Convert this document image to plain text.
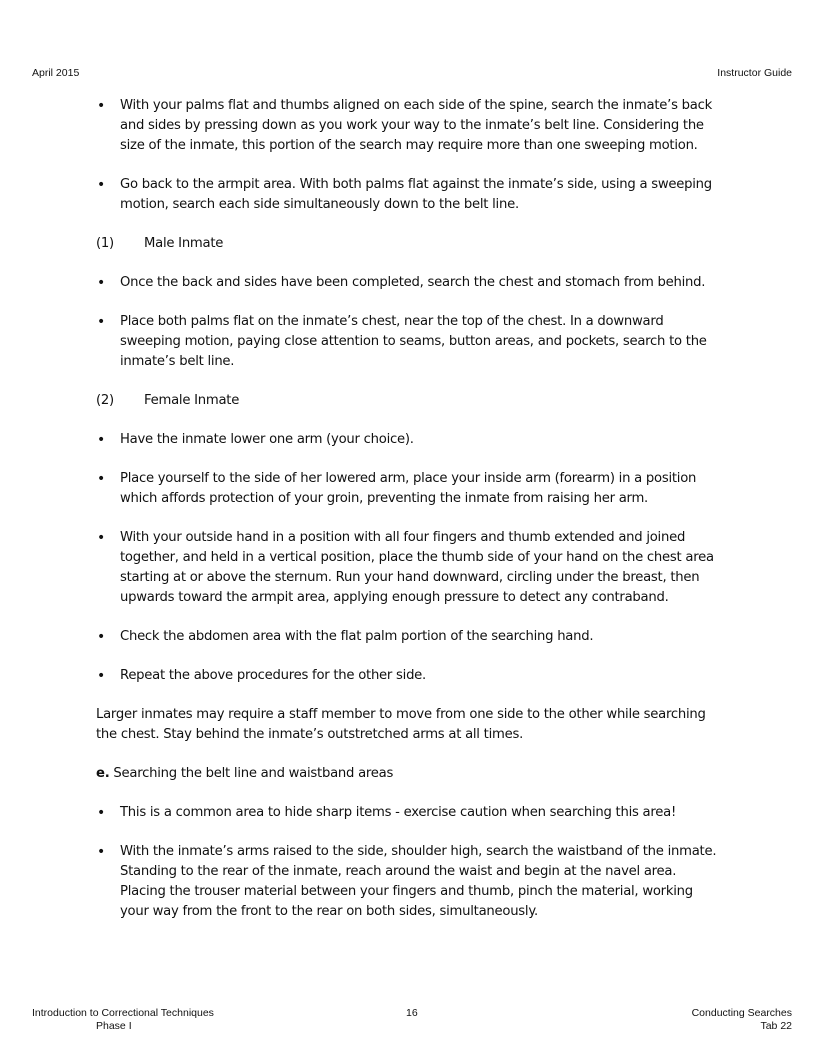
April 2015	Instructor Guide
• With your palms flat and thumbs aligned on each side of the spine, search the inmate’s back and sides by pressing down as you work your way to the inmate’s belt line. Considering the size of the inmate, this portion of the search may require more than one sweeping motion.
• Go back to the armpit area. With both palms flat against the inmate’s side, using a sweeping motion, search each side simultaneously down to the belt line.
(1) Male Inmate
• Once the back and sides have been completed, search the chest and stomach from behind.
• Place both palms flat on the inmate’s chest, near the top of the chest. In a downward sweeping motion, paying close attention to seams, button areas, and pockets, search to the inmate’s belt line.
(2) Female Inmate
• Have the inmate lower one arm (your choice).
• Place yourself to the side of her lowered arm, place your inside arm (forearm) in a position which affords protection of your groin, preventing the inmate from raising her arm.
• With your outside hand in a position with all four fingers and thumb extended and joined together, and held in a vertical position, place the thumb side of your hand on the chest area starting at or above the sternum. Run your hand downward, circling under the breast, then upwards toward the armpit area, applying enough pressure to detect any contraband.
• Check the abdomen area with the flat palm portion of the searching hand.
• Repeat the above procedures for the other side.

Larger inmates may require a staff member to move from one side to the other while searching the chest. Stay behind the inmate’s outstretched arms at all times.

e. Searching the belt line and waistband areas
• This is a common area to hide sharp items - exercise caution when searching this area!
• With the inmate’s arms raised to the side, shoulder high, search the waistband of the inmate. Standing to the rear of the inmate, reach around the waist and begin at the navel area. Placing the trouser material between your fingers and thumb, pinch the material, working your way from the front to the rear on both sides, simultaneously.
Introduction to Correctional Techniques
Phase I
16	Conducting Searches
Tab 22
